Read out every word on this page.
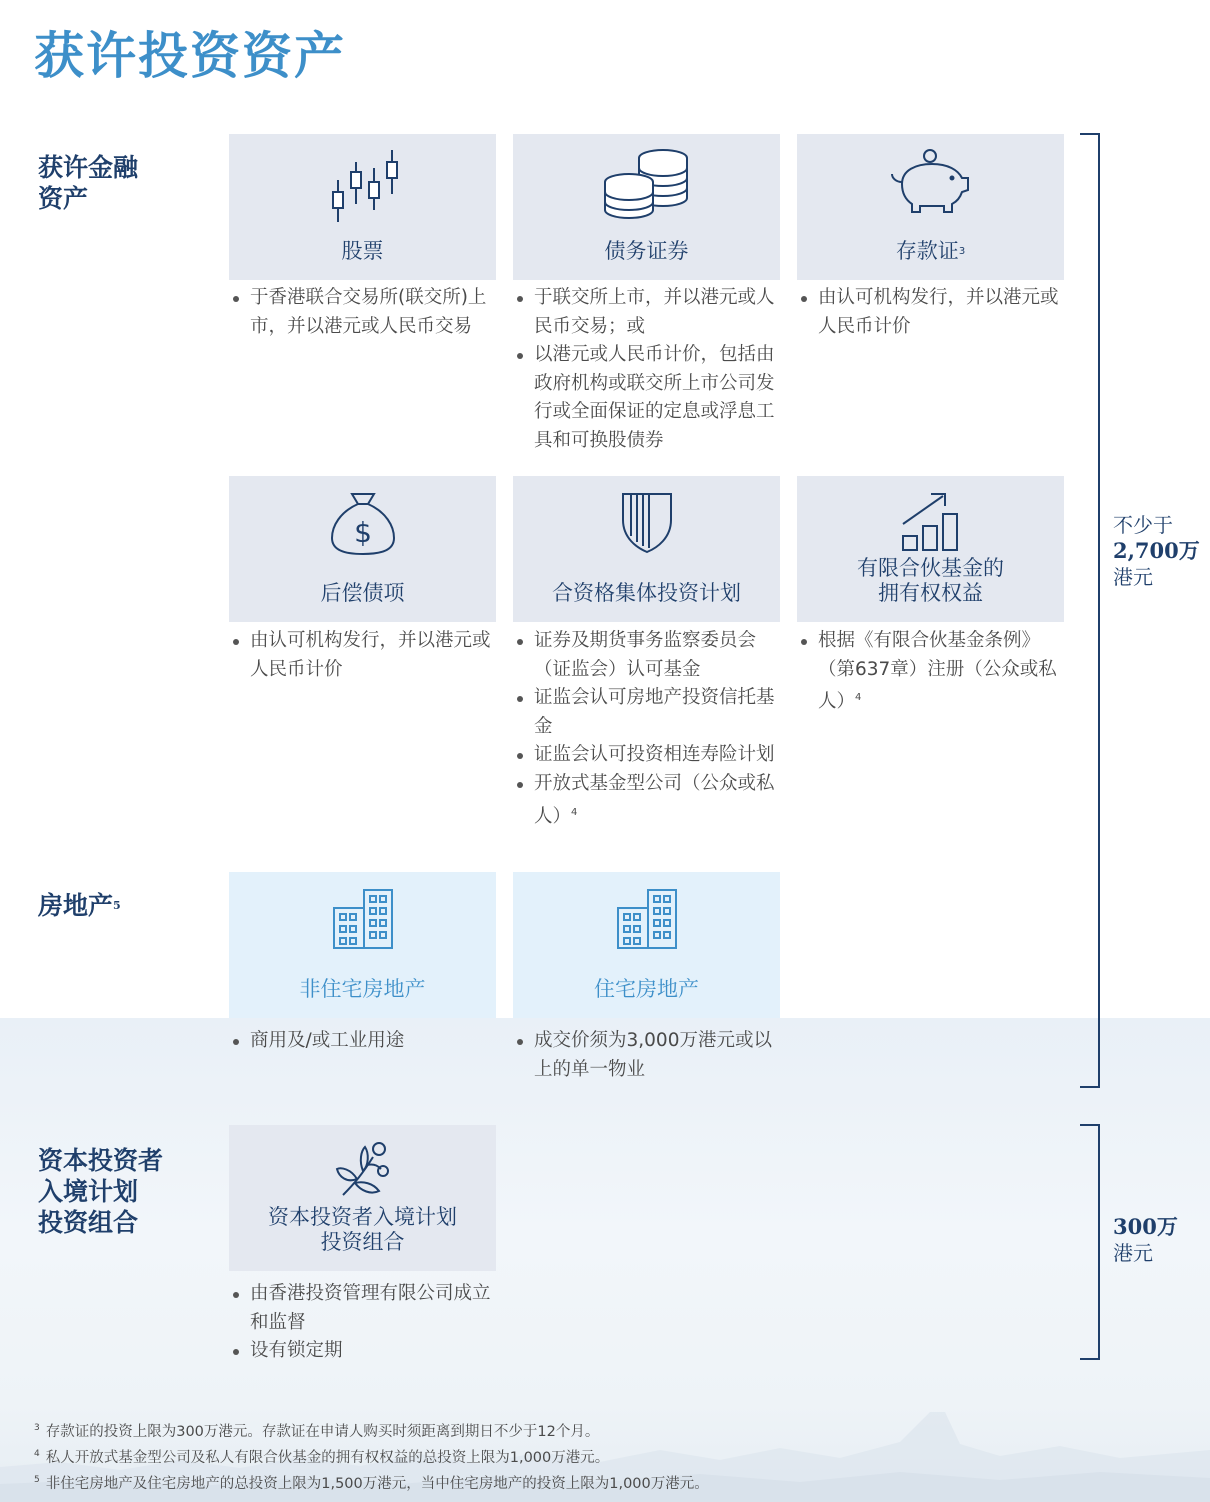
获许投资资产
获许金融
资产
房地产$^5$
资本投资者
入境计划
投资组合
股票
于香港联合交易所(联交所)上市，并以港元或人民币交易
债务证券
于联交所上市，并以港元或人民币交易；或
以港元或人民币计价，包括由政府机构或联交所上市公司发行或全面保证的定息或浮息工具和可换股债券
存款证$^3$
由认可机构发行，并以港元或人民币计价
$
后偿债项
由认可机构发行，并以港元或人民币计价
合资格集体投资计划
证券及期货事务监察委员会（证监会）认可基金
证监会认可房地产投资信托基金
证监会认可投资相连寿险计划
开放式基金型公司（公众或私人）$^4$
有限合伙基金的
拥有权权益
根据《有限合伙基金条例》（第637章）注册（公众或私人）$^4$
非住宅房地产
商用及/或工业用途
住宅房地产
成交价须为3,000万港元或以上的单一物业
资本投资者入境计划
投资组合
由香港投资管理有限公司成立和监督
设有锁定期
不少于
2,700万
港元
300万
港元
$^3$ 存款证的投资上限为300万港元。存款证在申请人购买时须距离到期日不少于12个月。
$^4$ 私人开放式基金型公司及私人有限合伙基金的拥有权权益的总投资上限为1,000万港元。
$^5$ 非住宅房地产及住宅房地产的总投资上限为1,500万港元，当中住宅房地产的投资上限为1,000万港元。
